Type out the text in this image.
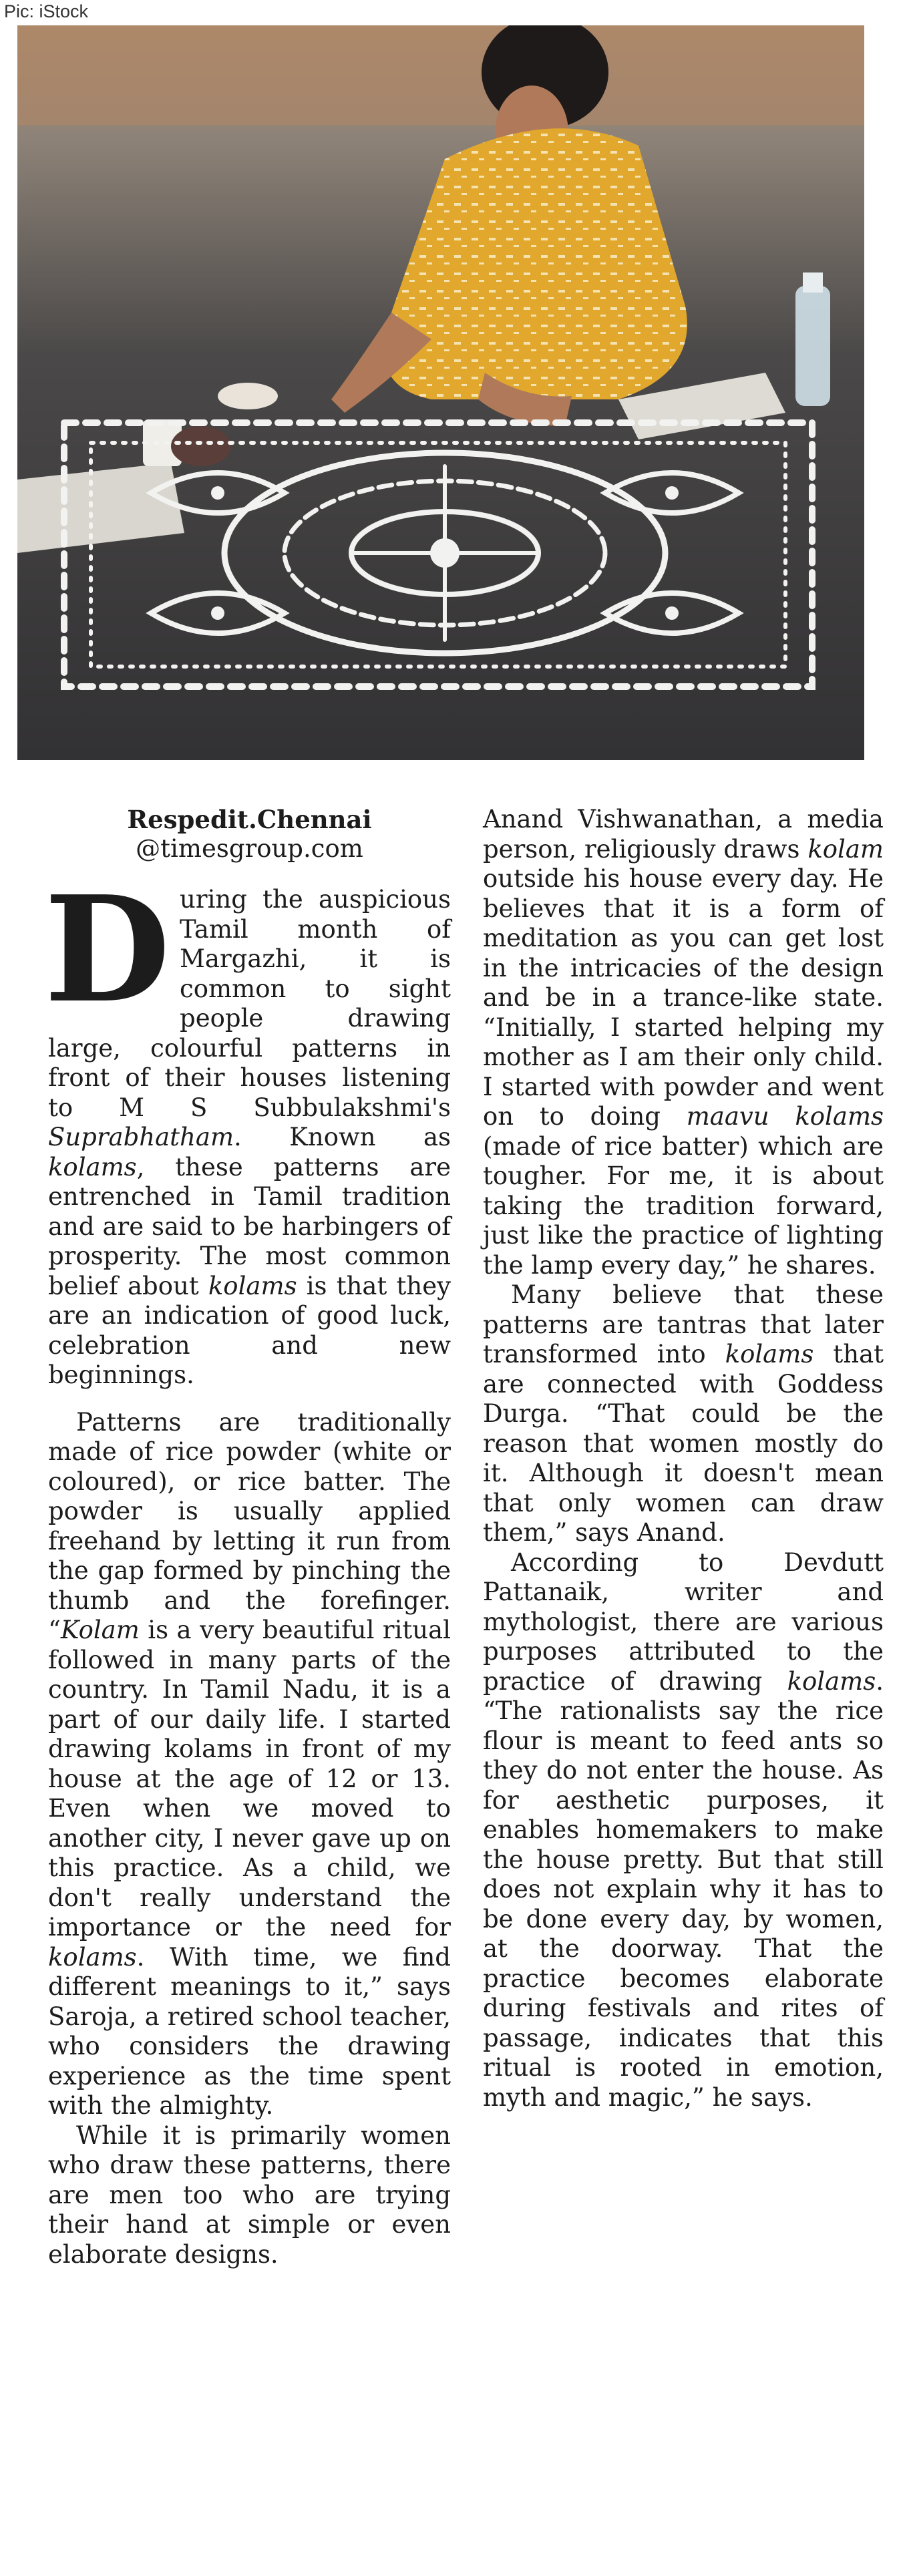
Pic: iStock
Respedit.Chennai
@timesgroup.com
During the auspicious Tamil month of Margazhi, it is common to sight people drawing large, colourful patterns in front of their houses listening to M S Subbulakshmi's Suprabhatham. Known as kolams, these patterns are entrenched in Tamil tradition and are said to be harbingers of prosperity. The most common belief about kolams is that they are an indication of good luck, celebration and new beginnings.

Patterns are traditionally made of rice powder (white or coloured), or rice batter. The powder is usually applied freehand by letting it run from the gap formed by pinching the thumb and the forefinger. “Kolam is a very beautiful ritual followed in many parts of the country. In Tamil Nadu, it is a part of our daily life. I started drawing kolams in front of my house at the age of 12 or 13. Even when we moved to another city, I never gave up on this practice. As a child, we don't really understand the importance or the need for kolams. With time, we find different meanings to it,” says Saroja, a retired school teacher, who considers the drawing experience as the time spent with the almighty.

While it is primarily women who draw these patterns, there are men too who are trying their hand at simple or even elaborate designs.

Anand Vishwanathan, a media person, religiously draws kolam outside his house every day. He believes that it is a form of meditation as you can get lost in the intricacies of the design and be in a trance-like state. “Initially, I started helping my mother as I am their only child. I started with powder and went on to doing maavu kolams (made of rice batter) which are tougher. For me, it is about taking the tradition forward, just like the practice of lighting the lamp every day,” he shares.

Many believe that these patterns are tantras that later transformed into kolams that are connected with Goddess Durga. “That could be the reason that women mostly do it. Although it doesn't mean that only women can draw them,” says Anand.

According to Devdutt Pattanaik, writer and mythologist, there are various purposes attributed to the practice of drawing kolams. “The rationalists say the rice flour is meant to feed ants so they do not enter the house. As for aesthetic purposes, it enables homemakers to make the house pretty. But that still does not explain why it has to be done every day, by women, at the doorway. That the practice becomes elaborate during festivals and rites of passage, indicates that this ritual is rooted in emotion, myth and magic,” he says.
